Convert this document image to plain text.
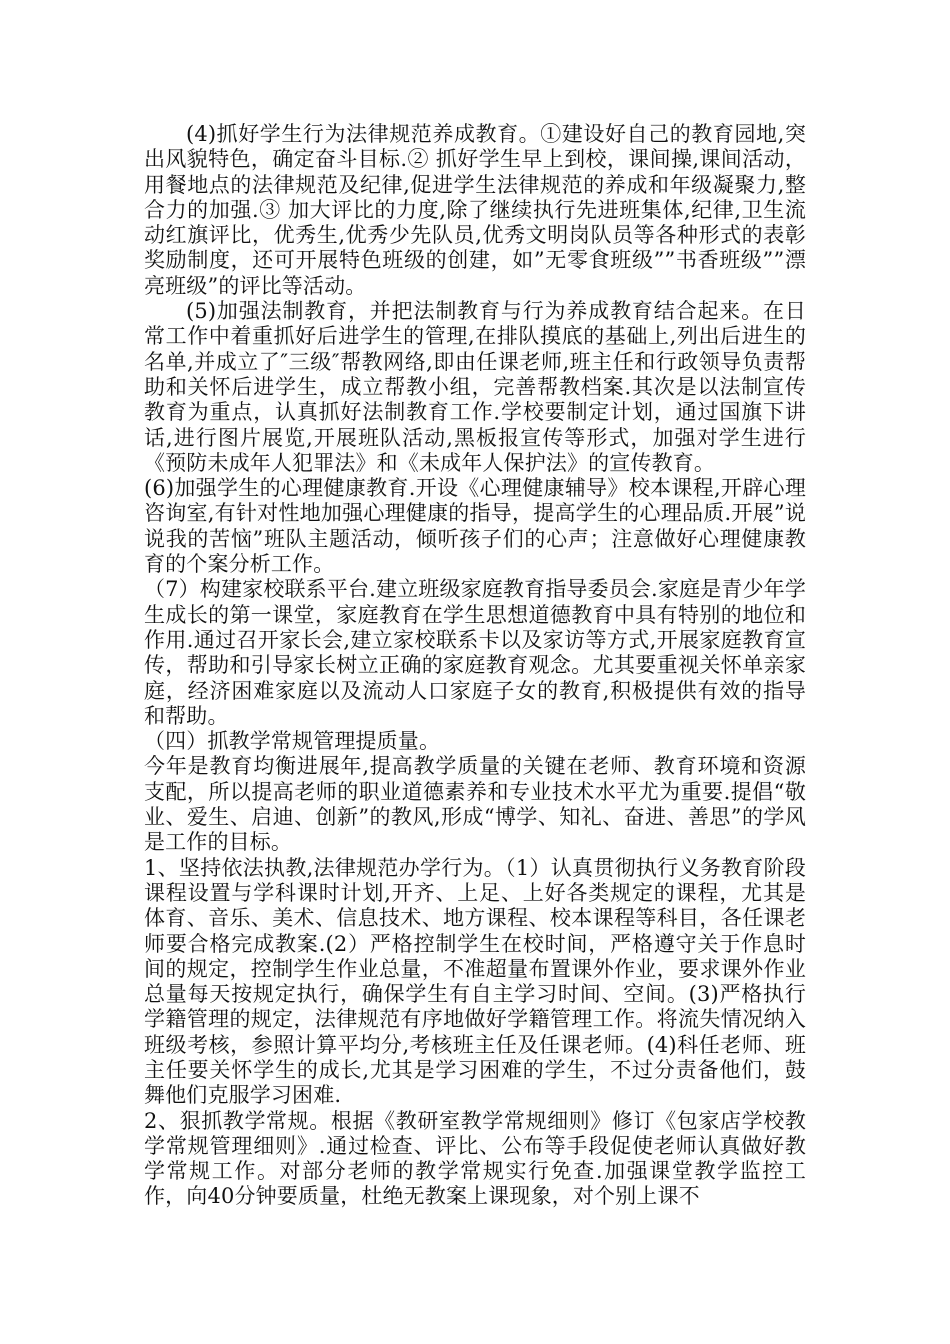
(4)抓好学生行为法律规范养成教育。①建设好自己的教育园地,突出风貌特色，确定奋斗目标.② 抓好学生早上到校，课间操,课间活动，用餐地点的法律规范及纪律,促进学生法律规范的养成和年级凝聚力,整合力的加强.③ 加大评比的力度,除了继续执行先进班集体,纪律,卫生流动红旗评比，优秀生,优秀少先队员,优秀文明岗队员等各种形式的表彰奖励制度，还可开展特色班级的创建，如”无零食班级””书香班级””漂亮班级”的评比等活动。

(5)加强法制教育，并把法制教育与行为养成教育结合起来。在日常工作中着重抓好后进学生的管理,在排队摸底的基础上,列出后进生的名单,并成立了″三级″帮教网络,即由任课老师,班主任和行政领导负责帮助和关怀后进学生，成立帮教小组，完善帮教档案.其次是以法制宣传教育为重点，认真抓好法制教育工作.学校要制定计划，通过国旗下讲话,进行图片展览,开展班队活动,黑板报宣传等形式，加强对学生进行《预防未成年人犯罪法》和《未成年人保护法》的宣传教育。

(6)加强学生的心理健康教育.开设《心理健康辅导》校本课程,开辟心理咨询室,有针对性地加强心理健康的指导，提高学生的心理品质.开展”说说我的苦恼”班队主题活动，倾听孩子们的心声；注意做好心理健康教育的个案分析工作。

（7）构建家校联系平台.建立班级家庭教育指导委员会.家庭是青少年学生成长的第一课堂，家庭教育在学生思想道德教育中具有特别的地位和作用.通过召开家长会,建立家校联系卡以及家访等方式,开展家庭教育宣传，帮助和引导家长树立正确的家庭教育观念。尤其要重视关怀单亲家庭，经济困难家庭以及流动人口家庭子女的教育,积极提供有效的指导和帮助。

（四）抓教学常规管理提质量。

今年是教育均衡进展年,提高教学质量的关键在老师、教育环境和资源支配，所以提高老师的职业道德素养和专业技术水平尤为重要.提倡“敬业、爱生、启迪、创新”的教风,形成“博学、知礼、奋进、善思”的学风是工作的目标。

1、坚持依法执教,法律规范办学行为。（1）认真贯彻执行义务教育阶段课程设置与学科课时计划,开齐、上足、上好各类规定的课程，尤其是体育、音乐、美术、信息技术、地方课程、校本课程等科目，各任课老师要合格完成教案.(2）严格控制学生在校时间，严格遵守关于作息时间的规定，控制学生作业总量，不准超量布置课外作业，要求课外作业总量每天按规定执行，确保学生有自主学习时间、空间。(3)严格执行学籍管理的规定，法律规范有序地做好学籍管理工作。将流失情况纳入班级考核，参照计算平均分,考核班主任及任课老师。(4)科任老师、班主任要关怀学生的成长,尤其是学习困难的学生，不过分责备他们，鼓舞他们克服学习困难.

2、狠抓教学常规。根据《教研室教学常规细则》修订《包家店学校教学常规管理细则》.通过检查、评比、公布等手段促使老师认真做好教学常规工作。对部分老师的教学常规实行免查.加强课堂教学监控工作，向40分钟要质量，杜绝无教案上课现象，对个别上课不
